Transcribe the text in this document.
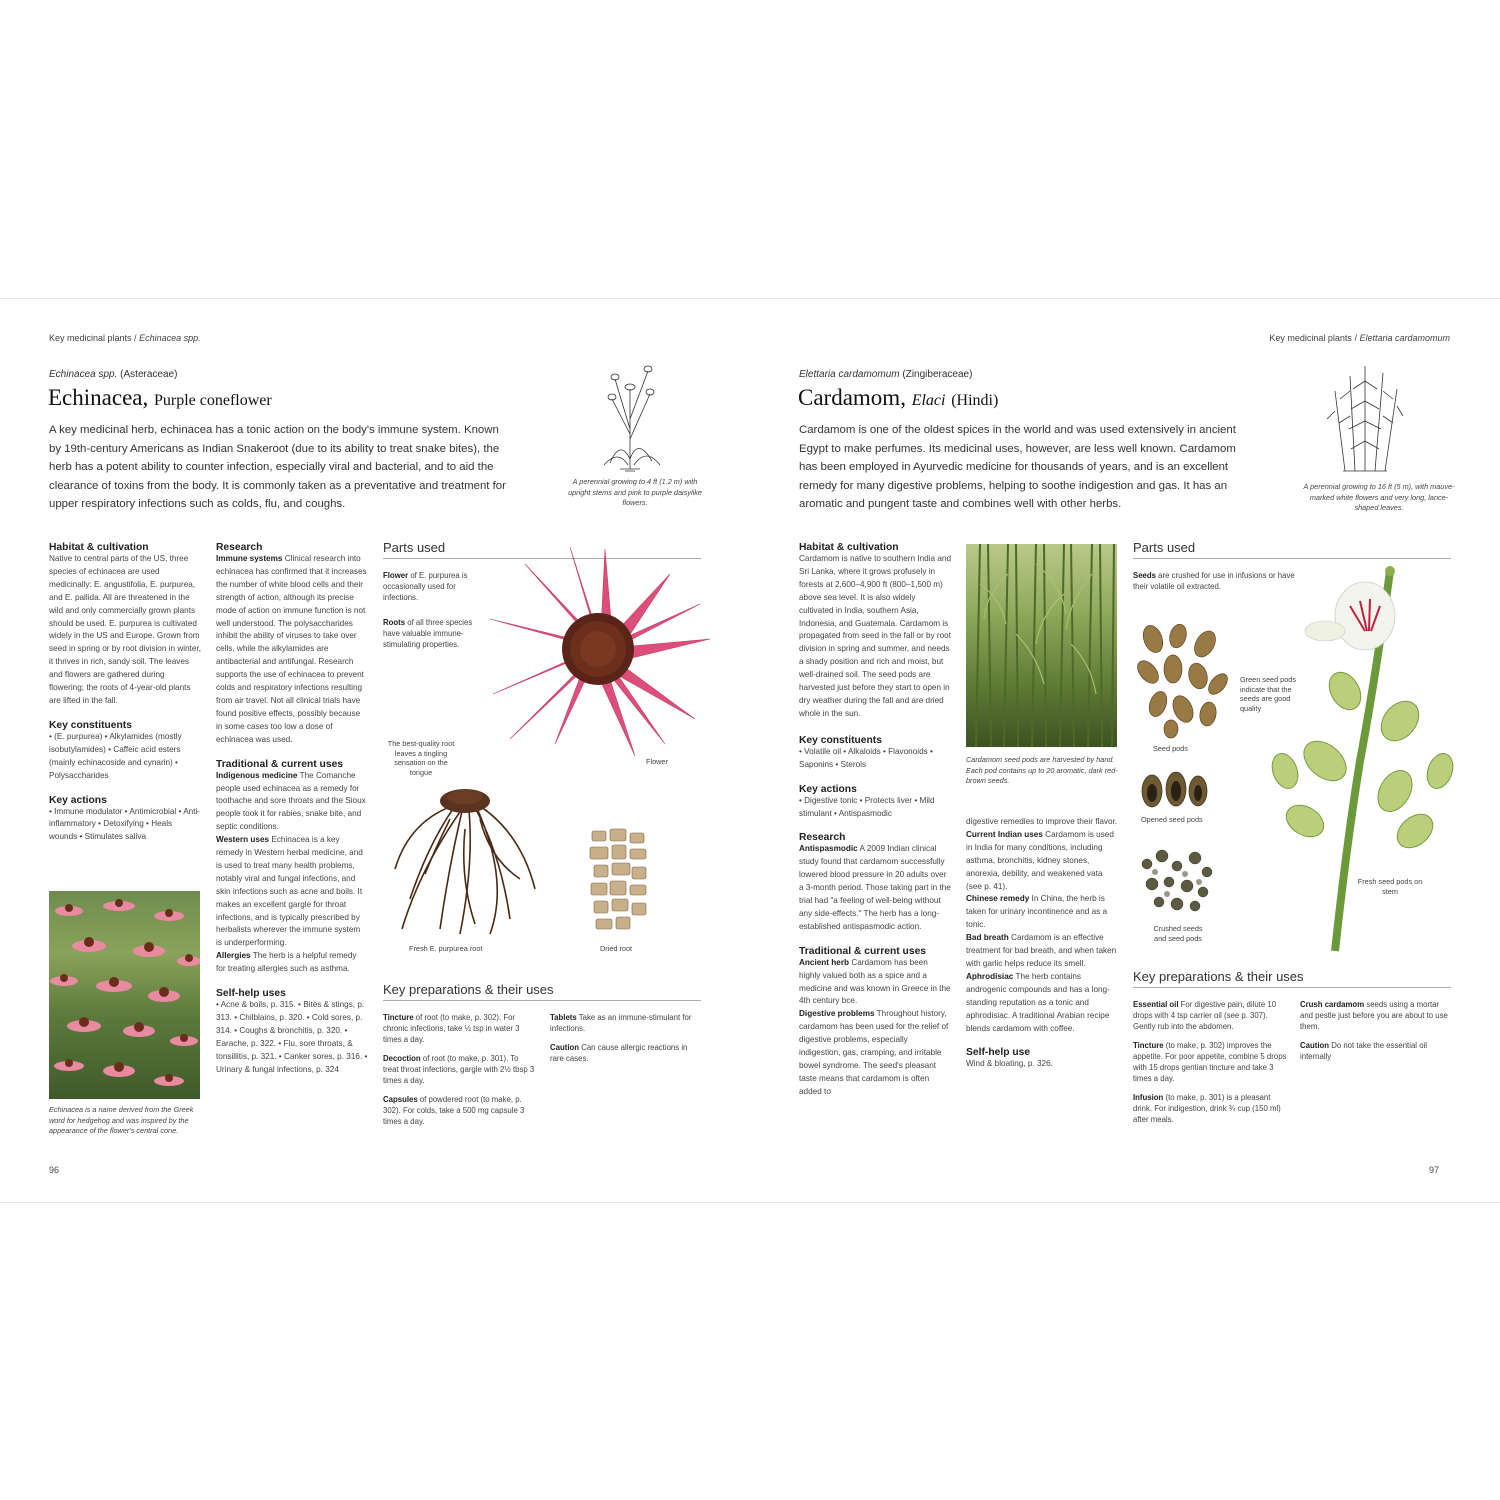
Key medicinal plants / Echinacea spp.
Echinacea spp. (Asteraceae)
Echinacea, Purple coneflower
A key medicinal herb, echinacea has a tonic action on the body's immune system. Known by 19th-century Americans as Indian Snakeroot (due to its ability to treat snake bites), the herb has a potent ability to counter infection, especially viral and bacterial, and to aid the clearance of toxins from the body. It is commonly taken as a preventative and treatment for upper respiratory infections such as colds, flu, and coughs.
A perennial growing to 4 ft (1.2 m) with upright stems and pink to purple daisylike flowers.

Habitat & cultivation

Native to central parts of the US, three species of echinacea are used medicinally: E. angustifolia, E. purpurea, and E. pallida. All are threatened in the wild and only commercially grown plants should be used. E. purpurea is cultivated widely in the US and Europe. Grown from seed in spring or by root division in winter, it thrives in rich, sandy soil. The leaves and flowers are gathered during flowering; the roots of 4-year-old plants are lifted in the fall.

Key constituents

• (E. purpurea) • Alkylamides (mostly isobutylamides) • Caffeic acid esters (mainly echinacoside and cynarin) • Polysaccharides

Key actions

• Immune modulator • Antimicrobial • Anti-inflammatory • Detoxifying • Heals wounds • Stimulates saliva

Echinacea is a name derived from the Greek word for hedgehog and was inspired by the appearance of the flower's central cone.

Research

Immune systems Clinical research into echinacea has confirmed that it increases the number of white blood cells and their strength of action, although its precise mode of action on immune function is not well understood. The polysaccharides inhibit the ability of viruses to take over cells, while the alkylamides are antibacterial and antifungal. Research supports the use of echinacea to prevent colds and respiratory infections resulting from air travel. Not all clinical trials have found positive effects, possibly because in some cases too low a dose of echinacea was used.

Traditional & current uses

Indigenous medicine The Comanche people used echinacea as a remedy for toothache and sore throats and the Sioux people took it for rabies, snake bite, and septic conditions.

Western uses Echinacea is a key remedy in Western herbal medicine, and is used to treat many health problems, notably viral and fungal infections, and skin infections such as acne and boils. It makes an excellent gargle for throat infections, and is typically prescribed by herbalists wherever the immune system is underperforming.

Allergies The herb is a helpful remedy for treating allergies such as asthma.

Self-help uses

• Acne & boils, p. 315. • Bites & stings, p. 313. • Chilblains, p. 320. • Cold sores, p. 314. • Coughs & bronchitis, p. 320. • Earache, p. 322. • Flu, sore throats, & tonsillitis, p. 321. • Canker sores, p. 316. • Urinary & fungal infections, p. 324

Parts used
Flower of E. purpurea is occasionally used for infections.
Roots of all three species have valuable immune-stimulating properties.
Flower
The best-quality root leaves a tingling sensation on the tongue
Fresh E. purpurea root	Dried root
Key preparations & their uses

Tincture of root (to make, p. 302). For chronic infections, take ½ tsp in water 3 times a day.

Decoction of root (to make, p. 301). To treat throat infections, gargle with 2½ tbsp 3 times a day.

Capsules of powdered root (to make, p. 302). For colds, take a 500 mg capsule 3 times a day.

Tablets Take as an immune-stimulant for infections.

Caution Can cause allergic reactions in rare cases.

96
Key medicinal plants / Elettaria cardamomum
Elettaria cardamomum (Zingiberaceae)
Cardamom, Elaci (Hindi)
Cardamom is one of the oldest spices in the world and was used extensively in ancient Egypt to make perfumes. Its medicinal uses, however, are less well known. Cardamom has been employed in Ayurvedic medicine for thousands of years, and is an excellent remedy for many digestive problems, helping to soothe indigestion and gas. It has an aromatic and pungent taste and combines well with other herbs.
A perennial growing to 16 ft (5 m), with mauve-marked white flowers and very long, lance-shaped leaves.

Habitat & cultivation

Cardamom is native to southern India and Sri Lanka, where it grows profusely in forests at 2,600–4,900 ft (800–1,500 m) above sea level. It is also widely cultivated in India, southern Asia, Indonesia, and Guatemala. Cardamom is propagated from seed in the fall or by root division in spring and summer, and needs a shady position and rich and moist, but well-drained soil. The seed pods are harvested just before they start to open in dry weather during the fall and are dried whole in the sun.

Key constituents

• Volatile oil • Alkaloids • Flavonoids • Saponins • Sterols

Key actions

• Digestive tonic • Protects liver • Mild stimulant • Antispasmodic

Research

Antispasmodic A 2009 Indian clinical study found that cardamom successfully lowered blood pressure in 20 adults over a 3-month period. Those taking part in the trial had "a feeling of well-being without any side-effects." The herb has a long-established antispasmodic action.

Traditional & current uses

Ancient herb Cardamom has been highly valued both as a spice and a medicine and was known in Greece in the 4th century bce.

Digestive problems Throughout history, cardamom has been used for the relief of digestive problems, especially indigestion, gas, cramping, and irritable bowel syndrome. The seed's pleasant taste means that cardamom is often added to

Cardamom seed pods are harvested by hand. Each pod contains up to 20 aromatic, dark red-brown seeds.

digestive remedies to improve their flavor.

Current Indian uses Cardamom is used in India for many conditions, including asthma, bronchitis, kidney stones, anorexia, debility, and weakened vata (see p. 41).

Chinese remedy In China, the herb is taken for urinary incontinence and as a tonic.

Bad breath Cardamom is an effective treatment for bad breath, and when taken with garlic helps reduce its smell.

Aphrodisiac The herb contains androgenic compounds and has a long-standing reputation as a tonic and aphrodisiac. A traditional Arabian recipe blends cardamom with coffee.

Self-help use

Wind & bloating, p. 326.

Parts used
Seeds are crushed for use in infusions or have their volatile oil extracted.
Green seed pods indicate that the seeds are good quality
Seed pods
Opened seed pods
Crushed seeds and seed pods
Fresh seed pods on stem
Key preparations & their uses

Essential oil For digestive pain, dilute 10 drops with 4 tsp carrier oil (see p. 307). Gently rub into the abdomen.

Tincture (to make, p. 302) improves the appetite. For poor appetite, combine 5 drops with 15 drops gentian tincture and take 3 times a day.

Infusion (to make, p. 301) is a pleasant drink. For indigestion, drink ¾ cup (150 ml) after meals.

Crush cardamom seeds using a mortar and pestle just before you are about to use them.

Caution Do not take the essential oil internally

97
